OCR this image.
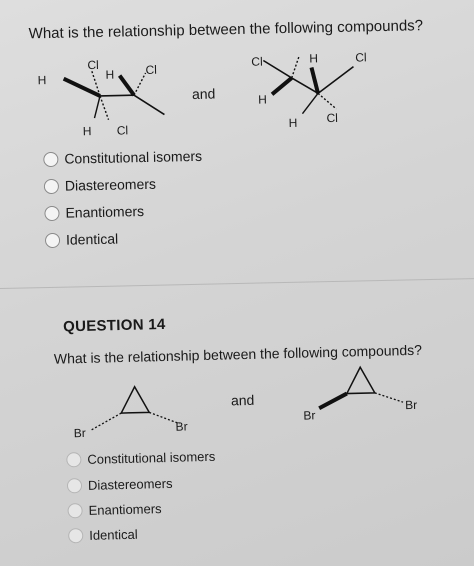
What is the relationship between the following compounds?
Cl
H	Cl
H
H Cl
and
Cl	H	Cl
H
H Cl
Constitutional isomers
Diastereomers
Enantiomers
Identical
QUESTION 14
What is the relationship between the following compounds?
Br	Br
and
Br
Br
Constitutional isomers
Diastereomers
Enantiomers
Identical
